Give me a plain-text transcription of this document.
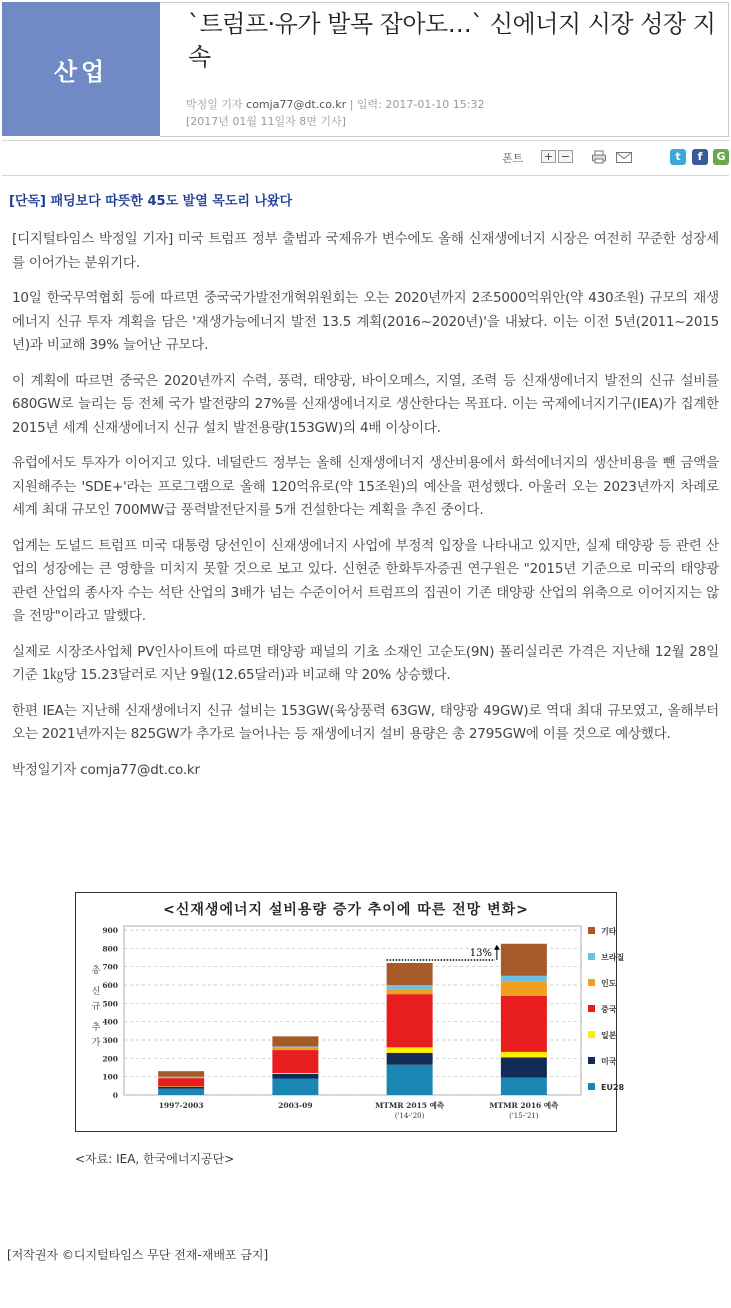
산업
`트럼프·유가 발목 잡아도…` 신에너지 시장 성장 지속
박정일 기자 comja77@dt.co.kr | 입력: 2017-01-10 15:32
[2017년 01월 11일자 8면 기사]
폰트 + −	t	f	G
[단독] 패딩보다 따뜻한 45도 발열 목도리 나왔다

[디지털타임스 박정일 기자] 미국 트럼프 정부 출범과 국제유가 변수에도 올해 신재생에너지 시장은 여전히 꾸준한 성장세를 이어가는 분위기다.

10일 한국무역협회 등에 따르면 중국국가발전개혁위원회는 오는 2020년까지 2조5000억위안(약 430조원) 규모의 재생에너지 신규 투자 계획을 담은 '재생가능에너지 발전 13.5 계획(2016~2020년)'을 내놨다. 이는 이전 5년(2011~2015년)과 비교해 39% 늘어난 규모다.

이 계획에 따르면 중국은 2020년까지 수력, 풍력, 태양광, 바이오메스, 지열, 조력 등 신재생에너지 발전의 신규 설비를 680GW로 늘리는 등 전체 국가 발전량의 27%를 신재생에너지로 생산한다는 목표다. 이는 국제에너지기구(IEA)가 집계한 2015년 세계 신재생에너지 신규 설치 발전용량(153GW)의 4배 이상이다.

유럽에서도 투자가 이어지고 있다. 네덜란드 정부는 올해 신재생에너지 생산비용에서 화석에너지의 생산비용을 뺀 금액을 지원해주는 'SDE+'라는 프로그램으로 올해 120억유로(약 15조원)의 예산을 편성했다. 아울러 오는 2023년까지 차례로 세계 최대 규모인 700MW급 풍력발전단지를 5개 건설한다는 계획을 추진 중이다.

업계는 도널드 트럼프 미국 대통령 당선인이 신재생에너지 사업에 부정적 입장을 나타내고 있지만, 실제 태양광 등 관련 산업의 성장에는 큰 영향을 미치지 못할 것으로 보고 있다. 신현준 한화투자증권 연구원은 "2015년 기준으로 미국의 태양광 관련 산업의 종사자 수는 석탄 산업의 3배가 넘는 수준이어서 트럼프의 집권이 기존 태양광 산업의 위축으로 이어지지는 않을 전망"이라고 말했다.

실제로 시장조사업체 PV인사이트에 따르면 태양광 패널의 기초 소재인 고순도(9N) 폴리실리콘 가격은 지난해 12월 28일 기준 1㎏당 15.23달러로 지난 9월(12.65달러)과 비교해 약 20% 상승했다.

한편 IEA는 지난해 신재생에너지 신규 설비는 153GW(육상풍력 63GW, 태양광 49GW)로 역대 최대 규모였고, 올해부터 오는 2021년까지는 825GW가 추가로 늘어나는 등 재생에너지 설비 용량은 총 2795GW에 이를 것으로 예상했다.

박정일기자 comja77@dt.co.kr

0
100
200
300
400
500
600
700
800
900
총
신
규
추
가
1997-2003	2003-09	MTMR 2015 예측
('14-'20)
MTMR 2016 예측
('15-'21)
13%
기타
브라질
인도
중국
일본
미국
EU28
<신재생에너지 설비용량 증가 추이에 따른 전망 변화>
<자료: IEA, 한국에너지공단>
[저작권자 ©디지털타임스 무단 전재-재배포 금지]
